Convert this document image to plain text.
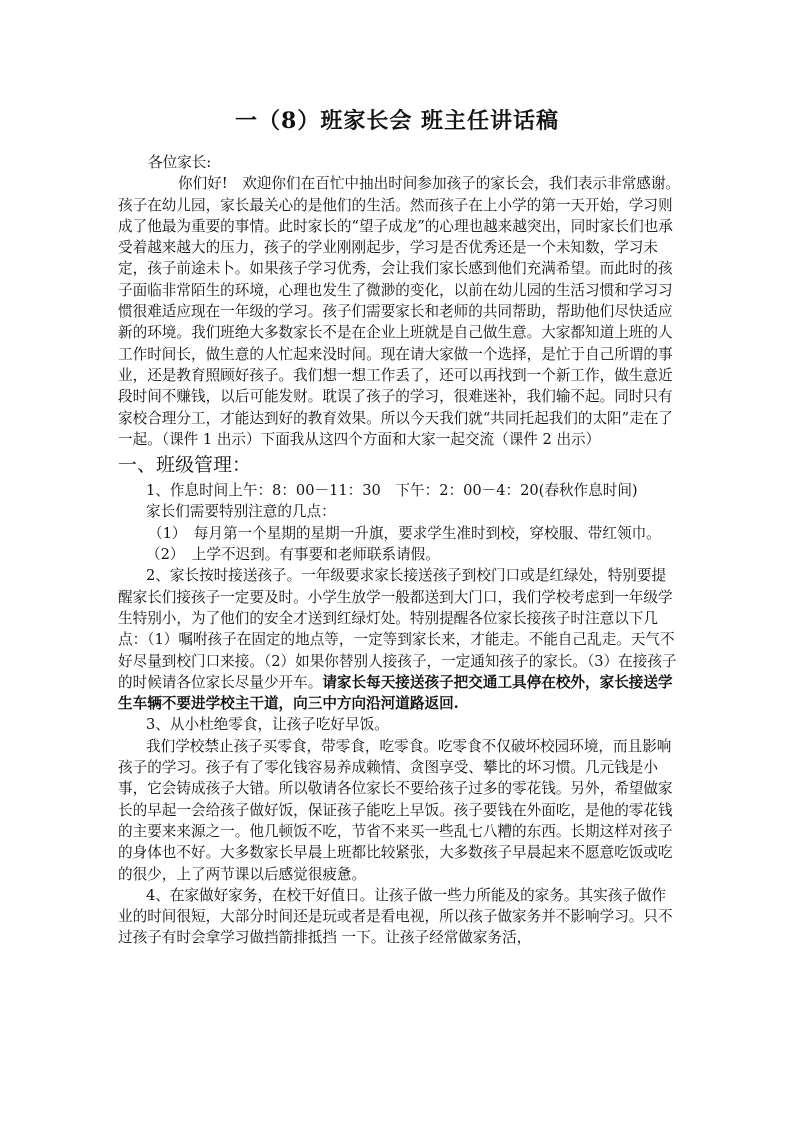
一（8）班家长会 班主任讲话稿

各位家长:

你们好!　欢迎你们在百忙中抽出时间参加孩子的家长会，我们表示非常感谢。　　孩子在幼儿园，家长最关心的是他们的生活。然而孩子在上小学的第一天开始，学习则成了他最为重要的事情。此时家长的“望子成龙”的心理也越来越突出，同时家长们也承受着越来越大的压力，孩子的学业刚刚起步，学习是否优秀还是一个未知数，学习未定，孩子前途未卜。如果孩子学习优秀，会让我们家长感到他们充满希望。而此时的孩子面临非常陌生的环境，心理也发生了微渺的变化，以前在幼儿园的生活习惯和学习习惯很难适应现在一年级的学习。孩子们需要家长和老师的共同帮助，帮助他们尽快适应新的环境。我们班绝大多数家长不是在企业上班就是自己做生意。大家都知道上班的人工作时间长，做生意的人忙起来没时间。现在请大家做一个选择，是忙于自己所谓的事业，还是教育照顾好孩子。我们想一想工作丢了，还可以再找到一个新工作，做生意近段时间不赚钱，以后可能发财。耽误了孩子的学习，很难迷补，我们输不起。同时只有家校合理分工，才能达到好的教育效果。所以今天我们就“共同托起我们的太阳”走在了一起。（课件 1 出示）下面我从这四个方面和大家一起交流（课件 2 出示）

一、班级管理：

1、作息时间上午：8：00－11：30　下午：2：00－4：20(春秋作息时间)

家长们需要特别注意的几点：

（1）　每月第一个星期的星期一升旗，要求学生准时到校，穿校服、带红领巾。

（2）　上学不迟到。有事要和老师联系请假。

2、家长按时接送孩子。一年级要求家长接送孩子到校门口或是红绿处，特别要提醒家长们接孩子一定要及时。小学生放学一般都送到大门口，我们学校考虑到一年级学生特别小，为了他们的安全才送到红绿灯处。特别提醒各位家长接孩子时注意以下几点：（1）嘱咐孩子在固定的地点等，一定等到家长来，才能走。不能自己乱走。天气不好尽量到校门口来接。（2）如果你替别人接孩子，一定通知孩子的家长。（3）在接孩子的时候请各位家长尽量少开车。请家长每天接送孩子把交通工具停在校外，家长接送学生车辆不要进学校主干道，向三中方向沿河道路返回.

3、从小杜绝零食，让孩子吃好早饭。

我们学校禁止孩子买零食，带零食，吃零食。吃零食不仅破坏校园环境，而且影响孩子的学习。孩子有了零化钱容易养成赖情、贪图享受、攀比的坏习惯。几元钱是小事，它会铸成孩子大错。所以敬请各位家长不要给孩子过多的零花钱。另外，希望做家长的早起一会给孩子做好饭，保证孩子能吃上早饭。孩子要钱在外面吃，是他的零花钱的主要来来源之一。他几顿饭不吃，节省不来买一些乱七八糟的东西。长期这样对孩子的身体也不好。大多数家长早晨上班都比较紧张，大多数孩子早晨起来不愿意吃饭或吃的很少，上了两节课以后感觉很疲惫。

4、在家做好家务，在校干好值日。让孩子做一些力所能及的家务。其实孩子做作业的时间很短，大部分时间还是玩或者是看电视，所以孩子做家务并不影响学习。只不过孩子有时会拿学习做挡箭排抵挡 一下。让孩子经常做家务活，
